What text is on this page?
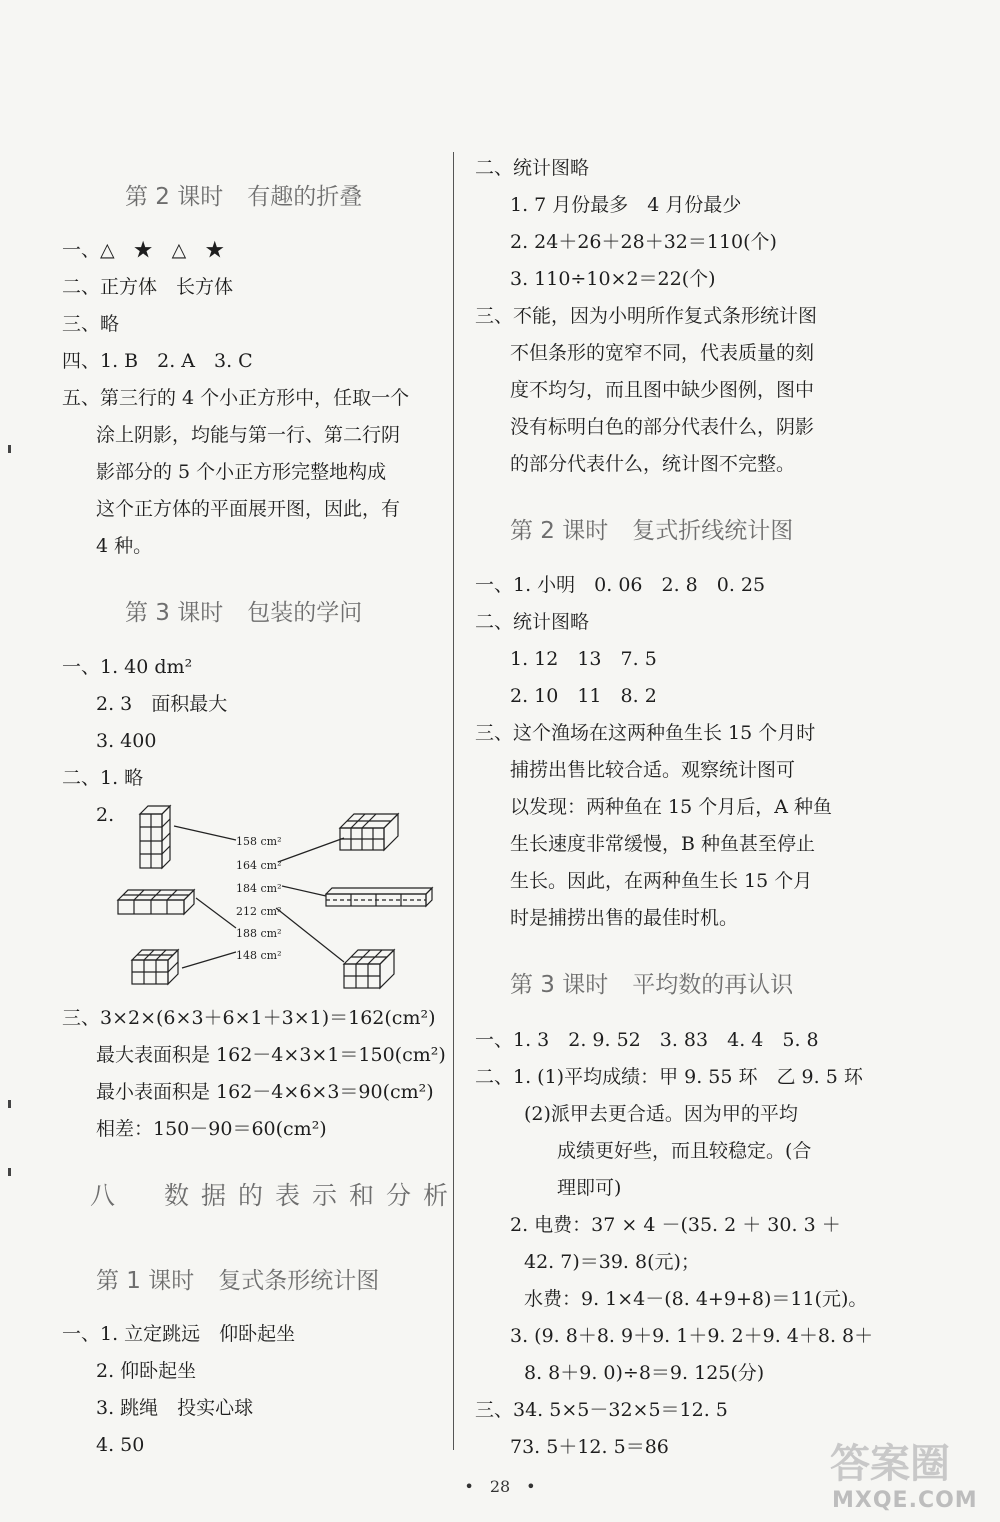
第 2 课时 有趣的折叠
一、△　★　△　★
二、正方体　长方体
三、略
四、1. B　2. A　3. C
五、第三行的 4 个小正方形中，任取一个
涂上阴影，均能与第一行、第二行阴
影部分的 5 个小正方形完整地构成
这个正方体的平面展开图，因此，有
4 种。
第 3 课时 包装的学问
一、1. 40 dm²
2. 3　面积最大
3. 400
二、1. 略
2.
158 cm²
164 cm²
184 cm²
212 cm²
188 cm²
148 cm²
三、3×2×(6×3＋6×1＋3×1)＝162(cm²)
最大表面积是 162－4×3×1＝150(cm²)
最小表面积是 162－4×6×3＝90(cm²)
相差：150－90＝60(cm²)
八　数据的表示和分析
第 1 课时 复式条形统计图
一、1. 立定跳远　仰卧起坐
2. 仰卧起坐
3. 跳绳　投实心球
4. 50
二、统计图略
1. 7 月份最多　4 月份最少
2. 24＋26＋28＋32＝110(个)
3. 110÷10×2＝22(个)
三、不能，因为小明所作复式条形统计图
不但条形的宽窄不同，代表质量的刻
度不均匀，而且图中缺少图例，图中
没有标明白色的部分代表什么，阴影
的部分代表什么，统计图不完整。
第 2 课时 复式折线统计图
一、1. 小明　0. 06　2. 8　0. 25
二、统计图略
1. 12　13　7. 5
2. 10　11　8. 2
三、这个渔场在这两种鱼生长 15 个月时
捕捞出售比较合适。观察统计图可
以发现：两种鱼在 15 个月后，A 种鱼
生长速度非常缓慢，B 种鱼甚至停止
生长。因此，在两种鱼生长 15 个月
时是捕捞出售的最佳时机。
第 3 课时 平均数的再认识
一、1. 3　2. 9. 52　3. 83　4. 4　5. 8
二、1. (1)平均成绩：甲 9. 55 环　乙 9. 5 环
(2)派甲去更合适。因为甲的平均
成绩更好些，而且较稳定。(合
理即可)
2. 电费：37 × 4 －(35. 2 ＋ 30. 3 ＋
42. 7)＝39. 8(元)；
水费：9. 1×4－(8. 4+9+8)＝11(元)。
3. (9. 8＋8. 9＋9. 1＋9. 2＋9. 4＋8. 8＋
8. 8＋9. 0)÷8＝9. 125(分)
三、34. 5×5－32×5＝12. 5
73. 5＋12. 5＝86
•　28　•	答案圈
MXQE.COM
